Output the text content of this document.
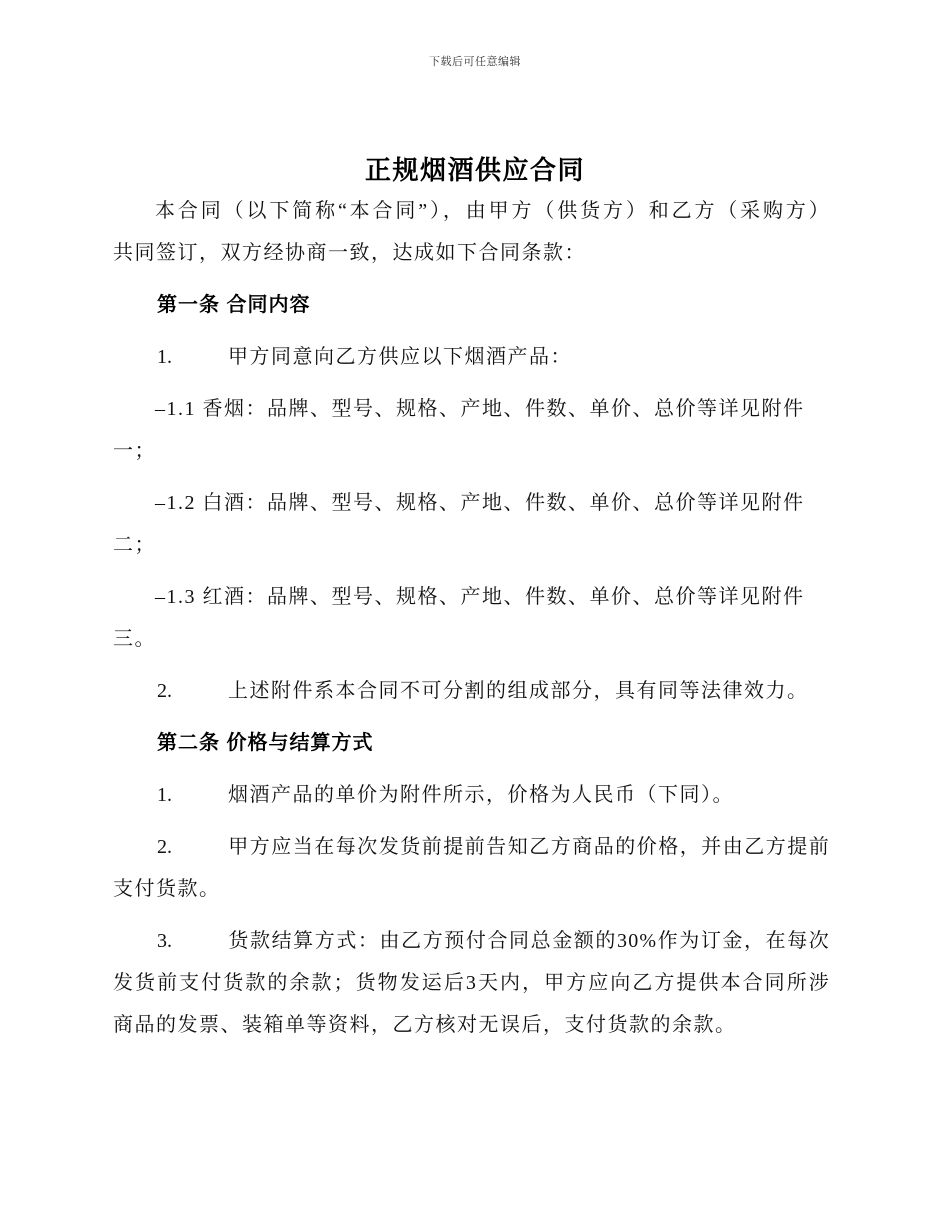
下载后可任意编辑
正规烟酒供应合同
本合同（以下简称“本合同”），由甲方（供货方）和乙方（采购方）
共同签订，双方经协商一致，达成如下合同条款：
第一条 合同内容
1.	甲方同意向乙方供应以下烟酒产品：
–1.1 香烟：品牌、型号、规格、产地、件数、单价、总价等详见附件
一；
–1.2 白酒：品牌、型号、规格、产地、件数、单价、总价等详见附件
二；
–1.3 红酒：品牌、型号、规格、产地、件数、单价、总价等详见附件
三。
2.	上述附件系本合同不可分割的组成部分，具有同等法律效力。
第二条 价格与结算方式
1.	烟酒产品的单价为附件所示，价格为人民币（下同）。
2.	甲方应当在每次发货前提前告知乙方商品的价格，并由乙方提前
支付货款。
3.	货款结算方式：由乙方预付合同总金额的30%作为订金，在每次
发货前支付货款的余款；货物发运后3天内，甲方应向乙方提供本合同所涉
商品的发票、装箱单等资料，乙方核对无误后，支付货款的余款。
